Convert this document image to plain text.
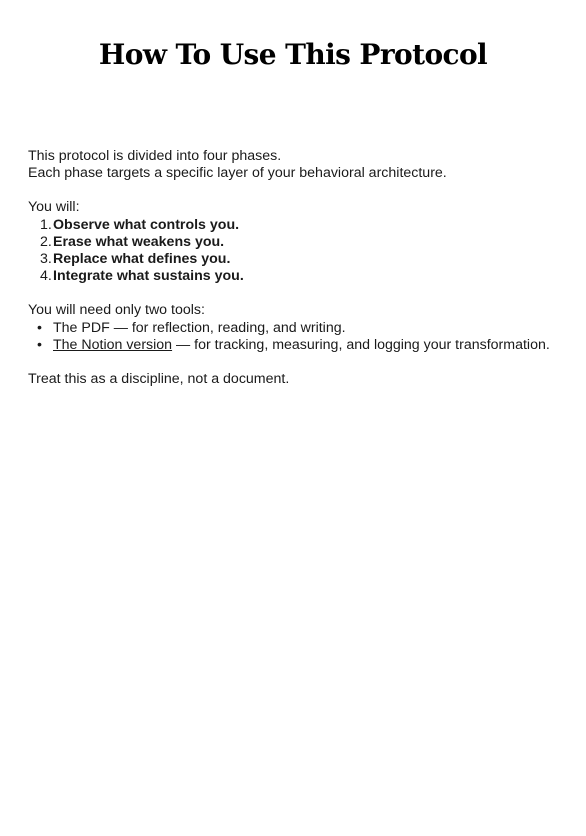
How To Use This Protocol

This protocol is divided into four phases.

Each phase targets a specific layer of your behavioral architecture.

You will:

1. Observe what controls you.
2. Erase what weakens you.
3. Replace what defines you.
4. Integrate what sustains you.

You will need only two tools:

• The PDF — for reflection, reading, and writing.
• The Notion version — for tracking, measuring, and logging your transformation.

Treat this as a discipline, not a document.
